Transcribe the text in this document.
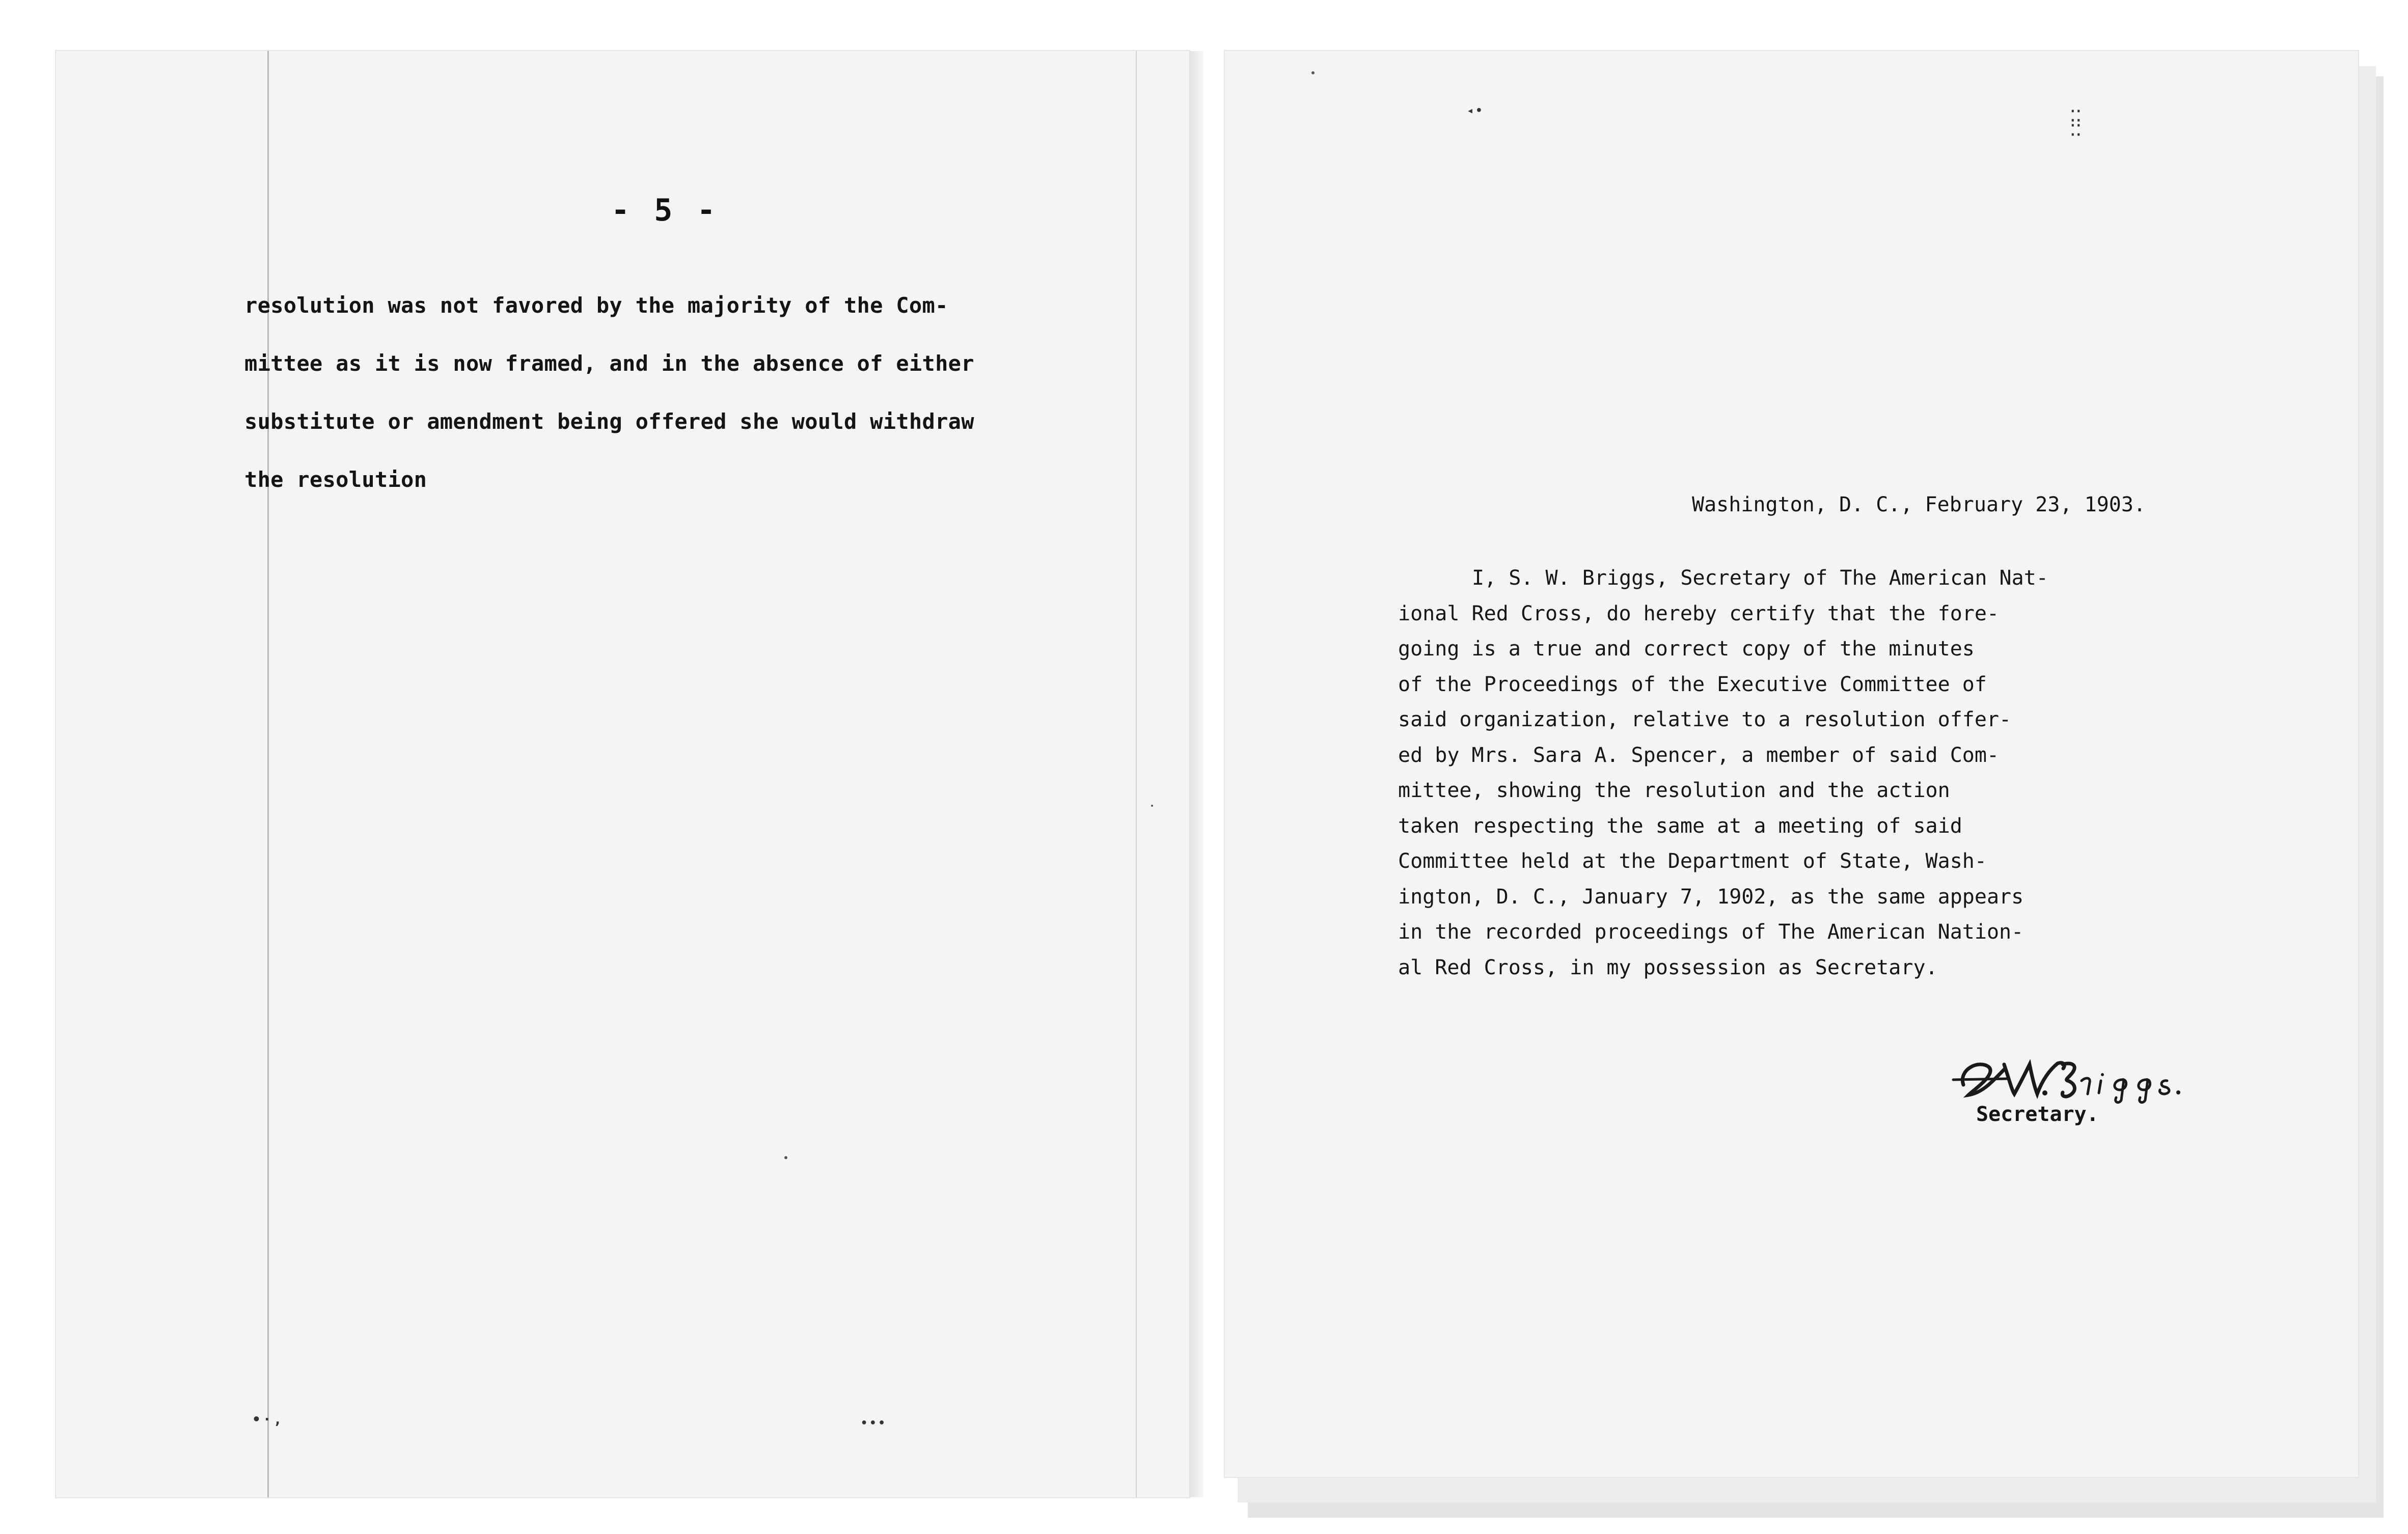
- 5 -
resolution was not favored by the majority of the Com-
mittee as it is now framed, and in the absence of either
substitute or amendment being offered she would withdraw
the resolution
•·‚	•••
◂•	⁚⁚
⁚⁚
Washington, D. C., February 23, 1903.
I, S. W. Briggs, Secretary of The American Nat-
ional Red Cross, do hereby certify that the fore-
going is a true and correct copy of the minutes
of the Proceedings of the Executive Committee of
said organization, relative to a resolution offer-
ed by Mrs. Sara A. Spencer, a member of said Com-
mittee, showing the resolution and the action
taken respecting the same at a meeting of said
Committee held at the Department of State, Wash-
ington, D. C., January 7, 1902, as the same appears
in the recorded proceedings of The American Nation-
al Red Cross, in my possession as Secretary.
Secretary.
